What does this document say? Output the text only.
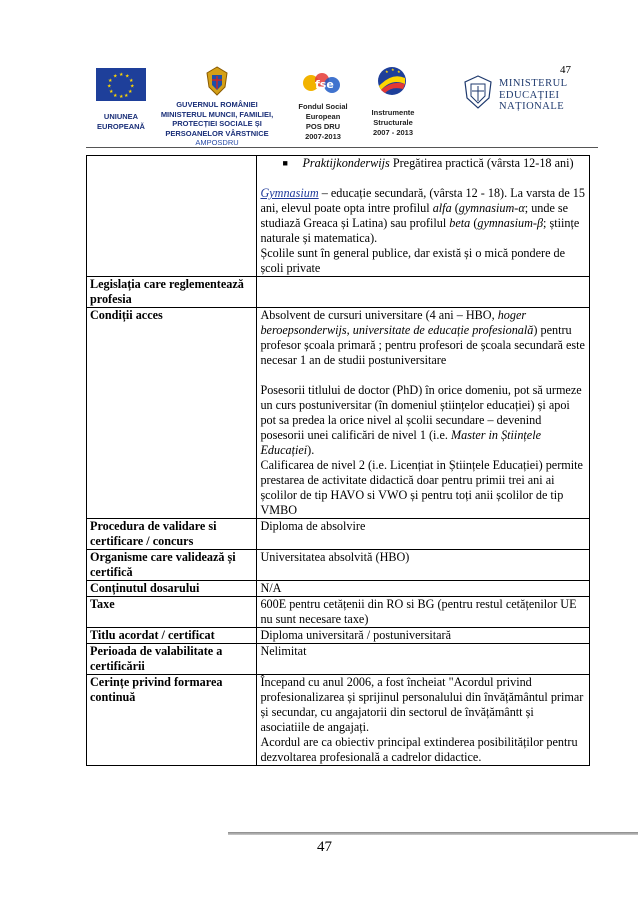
47
★ ★
★
★
★
★
★
★
★
★
★
★
UNIUNEA
EUROPEANĂ
GUVERNUL ROMÂNIEI
MINISTERUL MUNCII, FAMILIEI,
PROTECȚIEI SOCIALE ȘI
PERSOANELOR VÂRSTNICE
AMPOSDRU
fse
Fondul Social
European
POS DRU
2007-2013
★ ★ ★
Instrumente
Structurale
2007 - 2013
MINISTERUL
EDUCAȚIEI
NAȚIONALE

	■ Praktijkonderwijs Pregătirea practică (vârsta 12-18 ani)
Gymnasium – educație secundară, (vârsta 12 - 18). La varsta de 15 ani, elevul poate opta intre profilul alfa (gymnasium-α; unde se studiază Greaca și Latina) sau profilul beta (gymnasium-β; științe naturale și matematica).
Școlile sunt în general publice, dar există și o mică pondere de școli private

Legislația care reglementează profesia	
Condiții acces	Absolvent de cursuri universitare (4 ani – HBO, hoger beroepsonderwijs, universitate de educație profesională) pentru profesor școala primară ; pentru profesori de școala secundară este necesar 1 an de studii postuniversitare
Posesorii titlului de doctor (PhD) în orice domeniu, pot să urmeze un curs postuniversitar (în domeniul științelor educației) și apoi pot sa predea la orice nivel al școlii secundare – devenind posesorii unei calificări de nivel 1 (i.e. Master in Științele Educației).
Calificarea de nivel 2 (i.e. Licențiat in Științele Educației) permite prestarea de activitate didactică doar pentru primii trei ani ai școlilor de tip HAVO si VWO și pentru toți anii școlilor de tip VMBO

Procedura de validare si certificare / concurs	Diploma de absolvire
Organisme care validează și certifică	Universitatea absolvită (HBO)
Conținutul dosarului	N/A
Taxe	600E pentru cetățenii din RO si BG (pentru restul cetățenilor UE nu sunt necesare taxe)
Titlu acordat / certificat	Diploma universitară / postuniversitară
Perioada de valabilitate a certificării	Nelimitat
Cerințe privind formarea continuă	Începand cu anul 2006, a fost încheiat "Acordul privind profesionalizarea și sprijinul personalului din învățământul primar și secundar, cu angajatorii din sectorul de învățământt și asociatiile de angajați.
Acordul are ca obiectiv principal extinderea posibilităților pentru dezvoltarea profesională a cadrelor didactice.
47
